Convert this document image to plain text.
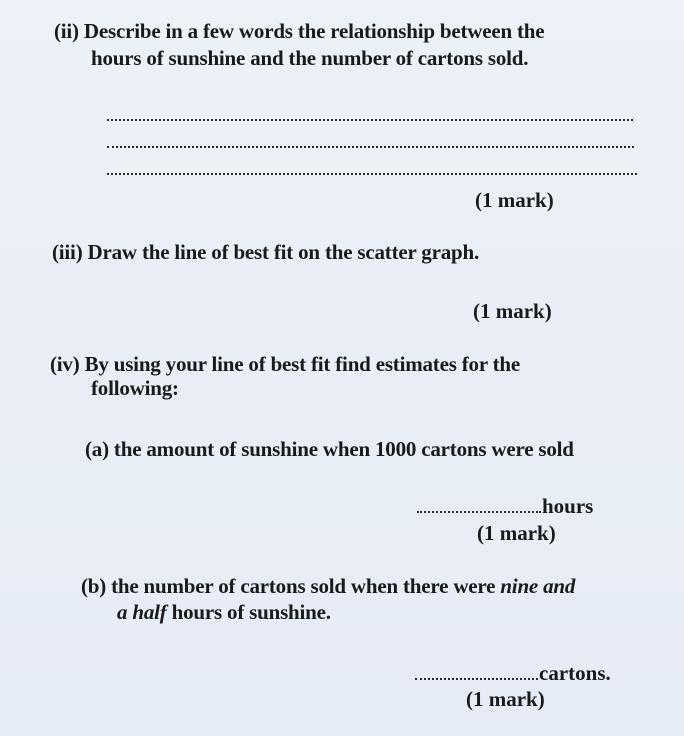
(ii) Describe in a few words the relationship between the
hours of sunshine and the number of cartons sold.
(1 mark)
(iii) Draw the line of best fit on the scatter graph.
(1 mark)
(iv) By using your line of best fit find estimates for the
following:
(a) the amount of sunshine when 1000 cartons were sold
hours
(1 mark)
(b) the number of cartons sold when there were nine and
a half hours of sunshine.
cartons.
(1 mark)
